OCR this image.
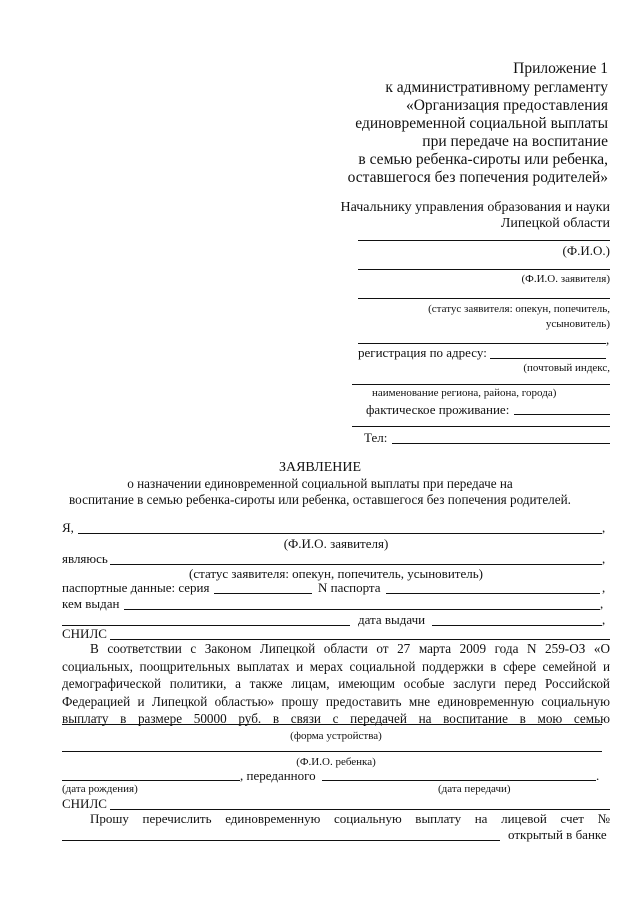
Приложение 1
к административному регламенту
«Организация предоставления
единовременной социальной выплаты
при передаче на воспитание
в семью ребенка-сироты или ребенка,
оставшегося без попечения родителей»
Начальнику управления образования и науки
Липецкой области
(Ф.И.О.)
(Ф.И.О. заявителя)
(статус заявителя: опекун, попечитель,
усыновитель)
,
регистрация по адресу:
(почтовый индекс,
наименование региона, района, города)
фактическое проживание:
Тел:
ЗАЯВЛЕНИЕ
о назначении единовременной социальной выплаты при передаче на
воспитание в семью ребенка-сироты или ребенка, оставшегося без попечения родителей.
Я,	,
(Ф.И.О. заявителя)
являюсь	,
(статус заявителя: опекун, попечитель, усыновитель)
паспортные данные: серия	N паспорта	,
кем выдан	,
дата выдачи	,
СНИЛС
В соответствии с Законом Липецкой области от 27 марта 2009 года N 259-ОЗ «О социальных, поощрительных выплатах и мерах социальной поддержки в сфере семейной и демографической политики, а также лицам, имеющим особые заслуги перед Российской Федерацией и Липецкой областью» прошу предоставить мне единовременную социальную выплату в размере 50000 руб. в связи с передачей на воспитание в мою семью
(форма устройства)
(Ф.И.О. ребенка)
, переданного	.
(дата рождения)	(дата передачи)
СНИЛС
Прошу перечислить единовременную социальную выплату на лицевой счет №
открытый в банке
